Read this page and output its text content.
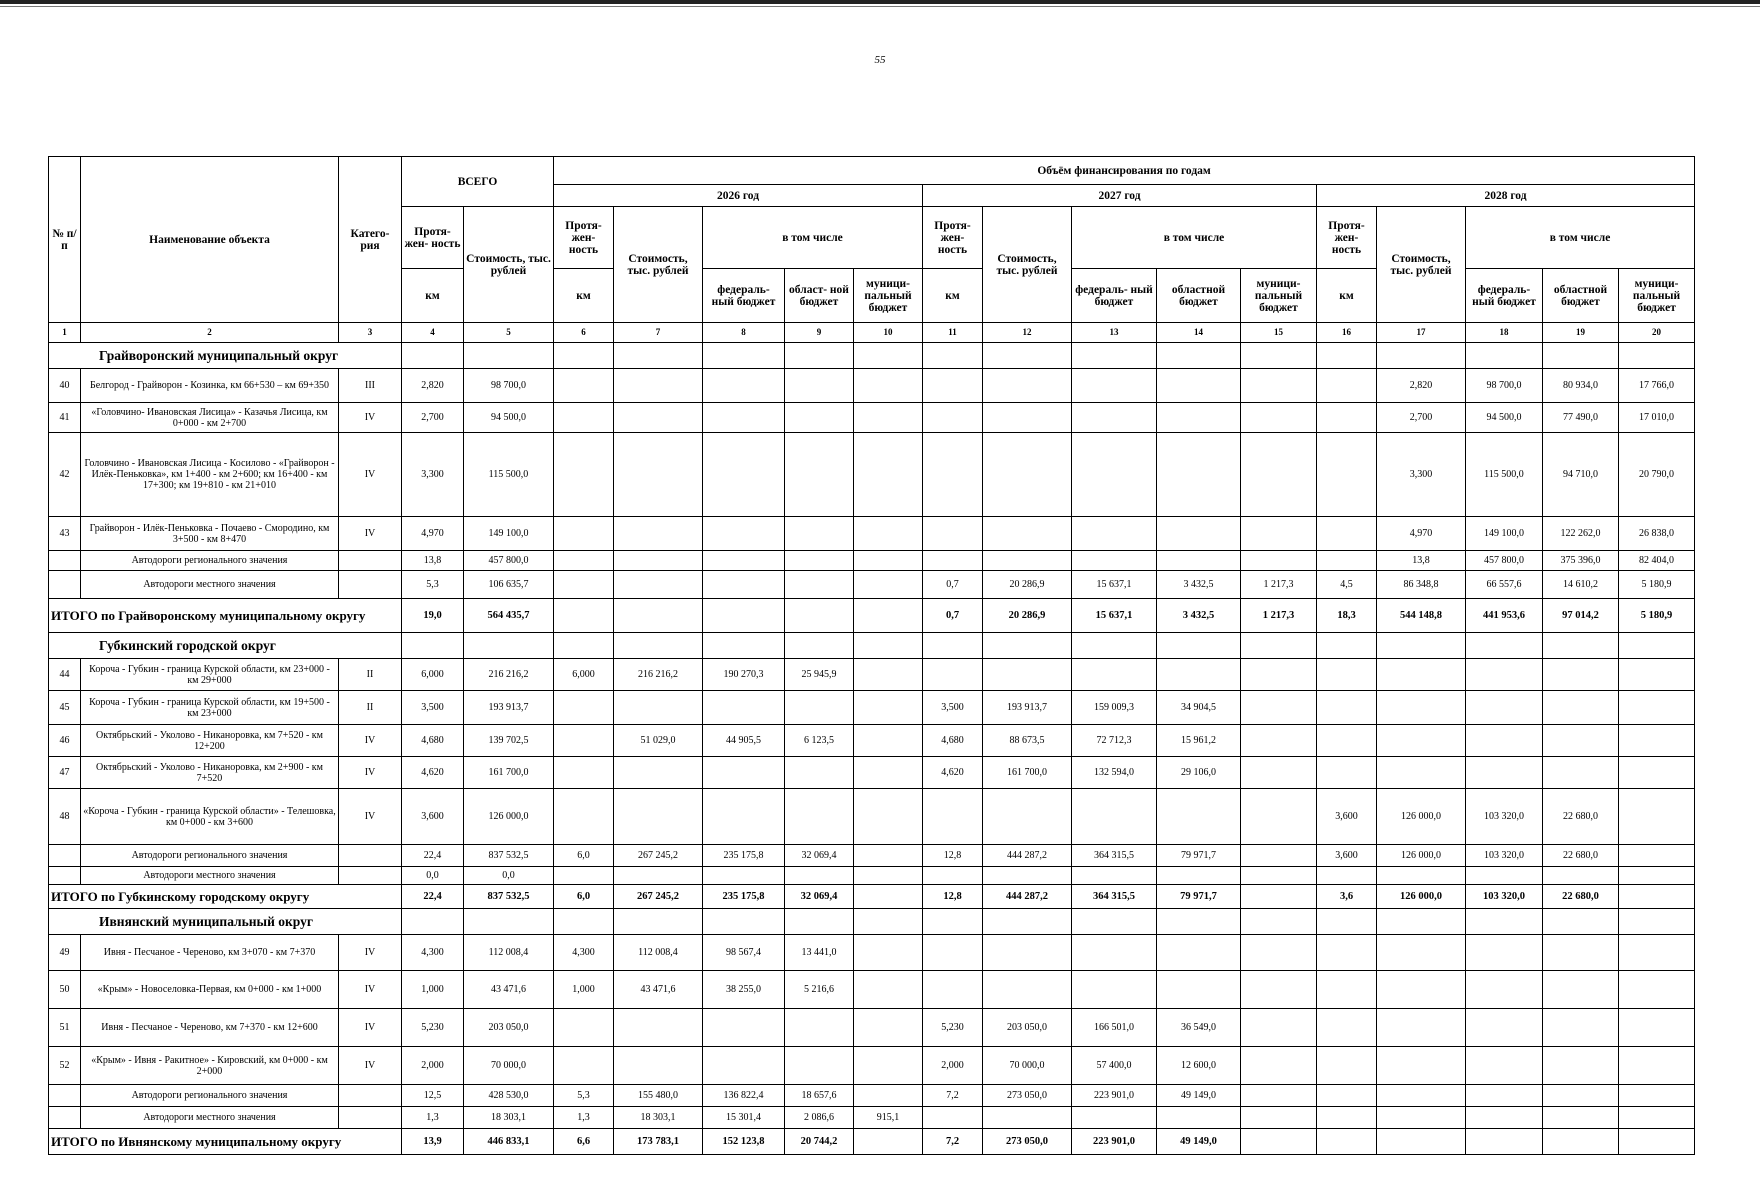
55
№ п/п	Наименование объекта	Катего- рия	ВСЕГО		Объём финансирования по годам														
					2026 год					2027 год					2028 год				
			Протя- жен- ность	Стоимость, тыс. рублей	Протя- жен- ность	Стоимость, тыс. рублей	в том числе			Протя- жен- ность	Стоимость, тыс. рублей	в том числе			Протя- жен- ность	Стоимость, тыс. рублей	в том числе		
			км		км		федераль- ный бюджет	област- ной бюджет	муници- пальный бюджет	км		федераль- ный бюджет	областной бюджет	муници- пальный бюджет	км		федераль- ный бюджет	областной бюджет	муници- пальный бюджет
1	2	3	4	5	6	7	8	9	10	11	12	13	14	15	16	17	18	19	20
Грайворонский муниципальный округ																			
40	Белгород - Грайворон - Козинка, км 66+530 – км 69+350	III	2,820	98 700,0												2,820	98 700,0	80 934,0	17 766,0
41	«Головчино- Ивановская Лисица» - Казачья Лисица, км 0+000 - км 2+700	IV	2,700	94 500,0												2,700	94 500,0	77 490,0	17 010,0
42	Головчино - Ивановская Лисица - Косилово - «Грайворон - Илёк-Пеньковка», км 1+400 - км 2+600; км 16+400 - км 17+300; км 19+810 - км 21+010	IV	3,300	115 500,0												3,300	115 500,0	94 710,0	20 790,0
43	Грайворон - Илёк-Пеньковка - Почаево - Смородино, км 3+500 - км 8+470	IV	4,970	149 100,0												4,970	149 100,0	122 262,0	26 838,0
	Автодороги регионального значения		13,8	457 800,0												13,8	457 800,0	375 396,0	82 404,0
	Автодороги местного значения		5,3	106 635,7						0,7	20 286,9	15 637,1	3 432,5	1 217,3	4,5	86 348,8	66 557,6	14 610,2	5 180,9
ИТОГО по Грайворонскому муниципальному округу			19,0	564 435,7						0,7	20 286,9	15 637,1	3 432,5	1 217,3	18,3	544 148,8	441 953,6	97 014,2	5 180,9
Губкинский городской округ																			
44	Короча - Губкин - граница Курской области, км 23+000 - км 29+000	II	6,000	216 216,2	6,000	216 216,2	190 270,3	25 945,9											
45	Короча - Губкин - граница Курской области, км 19+500 - км 23+000	II	3,500	193 913,7						3,500	193 913,7	159 009,3	34 904,5						
46	Октябрьский - Уколово - Никаноровка, км 7+520 - км 12+200	IV	4,680	139 702,5		51 029,0	44 905,5	6 123,5		4,680	88 673,5	72 712,3	15 961,2						
47	Октябрьский - Уколово - Никаноровка, км 2+900 - км 7+520	IV	4,620	161 700,0						4,620	161 700,0	132 594,0	29 106,0						
48	«Короча - Губкин - граница Курской области» - Телешовка, км 0+000 - км 3+600	IV	3,600	126 000,0											3,600	126 000,0	103 320,0	22 680,0	
	Автодороги регионального значения		22,4	837 532,5	6,0	267 245,2	235 175,8	32 069,4		12,8	444 287,2	364 315,5	79 971,7		3,600	126 000,0	103 320,0	22 680,0	
	Автодороги местного значения		0,0	0,0															
ИТОГО по Губкинскому городскому округу			22,4	837 532,5	6,0	267 245,2	235 175,8	32 069,4		12,8	444 287,2	364 315,5	79 971,7		3,6	126 000,0	103 320,0	22 680,0	
Ивнянский муниципальный округ																			
49	Ивня - Песчаное - Череново, км 3+070 - км 7+370	IV	4,300	112 008,4	4,300	112 008,4	98 567,4	13 441,0											
50	«Крым» - Новоселовка-Первая, км 0+000 - км 1+000	IV	1,000	43 471,6	1,000	43 471,6	38 255,0	5 216,6											
51	Ивня - Песчаное - Череново, км 7+370 - км 12+600	IV	5,230	203 050,0						5,230	203 050,0	166 501,0	36 549,0						
52	«Крым» - Ивня - Ракитное» - Кировский, км 0+000 - км 2+000	IV	2,000	70 000,0						2,000	70 000,0	57 400,0	12 600,0						
	Автодороги регионального значения		12,5	428 530,0	5,3	155 480,0	136 822,4	18 657,6		7,2	273 050,0	223 901,0	49 149,0						
	Автодороги местного значения		1,3	18 303,1	1,3	18 303,1	15 301,4	2 086,6	915,1										
ИТОГО по Ивнянскому муниципальному округу			13,9	446 833,1	6,6	173 783,1	152 123,8	20 744,2		7,2	273 050,0	223 901,0	49 149,0						
